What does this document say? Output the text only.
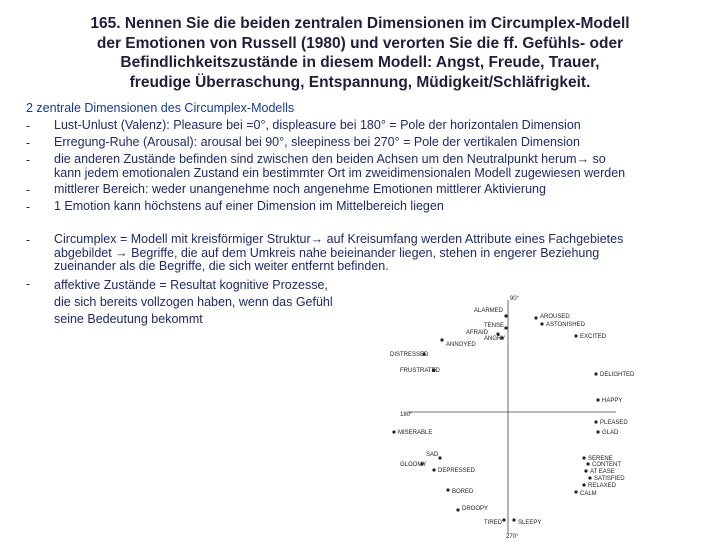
165. Nennen Sie die beiden zentralen Dimensionen im Circumplex-Modell
der Emotionen von Russell (1980) und verorten Sie die ff. Gefühls- oder
Befindlichkeitszustände in diesem Modell: Angst, Freude, Trauer,
freudige Überraschung, Entspannung, Müdigkeit/Schläfrigkeit.
2 zentrale Dimensionen des Circumplex-Modells
- Lust-Unlust (Valenz): Pleasure bei =0°, displeasure bei 180° = Pole der horizontalen Dimension
- Erregung-Ruhe (Arousal): arousal bei 90°, sleepiness bei 270° = Pole der vertikalen Dimension
- die anderen Zustände befinden sind zwischen den beiden Achsen um den Neutralpunkt herum→ so
kann jedem emotionalen Zustand ein bestimmter Ort im zweidimensionalen Modell zugewiesen werden
- mittlerer Bereich: weder unangenehme noch angenehme Emotionen mittlerer Aktivierung
- 1 Emotion kann höchstens auf einer Dimension im Mittelbereich liegen
- Circumplex = Modell mit kreisförmiger Struktur→ auf Kreisumfang werden Attribute eines Fachgebietes
abgebildet → Begriffe, die auf dem Umkreis nahe beieinander liegen, stehen in engerer Beziehung
zueinander als die Begriffe, die sich weiter entfernt befinden.
- affektive Zustände = Resultat kognitive Prozesse,
die sich bereits vollzogen haben, wenn das Gefühl
seine Bedeutung bekommt
90°
180°
270°
ALARMED
AROUSED
TENSE
AFRAID
ASTONISHED
ANGRY
ANNOYED
EXCITED
DISTRESSED
FRUSTRATED
DELIGHTED
HAPPY
PLEASED
MISERABLE	GLAD
SAD
GLOOMY
DEPRESSED
SERENE
CONTENT
AT EASE
SATISFIED
RELAXED
BORED	CALM
DROOPY
TIRED	SLEEPY
